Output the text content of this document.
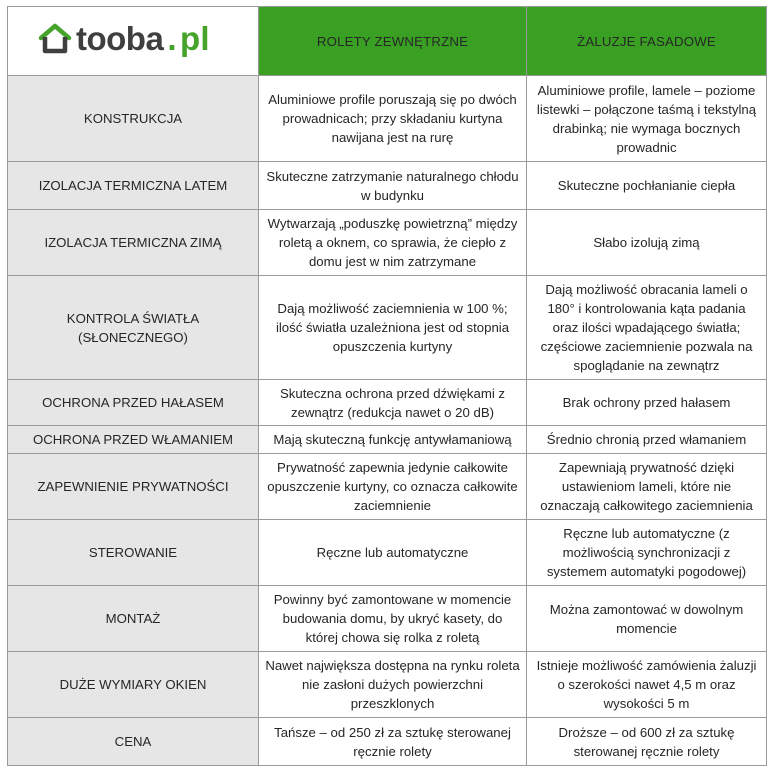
tooba . pl	ROLETY ZEWNĘTRZNE	ŻALUZJE FASADOWE
KONSTRUKCJA	Aluminiowe profile poruszają się po dwóch prowadnicach; przy składaniu kurtyna nawijana jest na rurę	Aluminiowe profile, lamele – poziome listewki – połączone taśmą i tekstylną drabinką; nie wymaga bocznych prowadnic
IZOLACJA TERMICZNA LATEM	Skuteczne zatrzymanie naturalnego chłodu w budynku	Skuteczne pochłanianie ciepła
IZOLACJA TERMICZNA ZIMĄ	Wytwarzają „poduszkę powietrzną” między roletą a oknem, co sprawia, że ciepło z domu jest w nim zatrzymane	Słabo izolują zimą
KONTROLA ŚWIATŁA (SŁONECZNEGO)	Dają możliwość zaciemnienia w 100 %; ilość światła uzależniona jest od stopnia opuszczenia kurtyny	Dają możliwość obracania lameli o 180° i kontrolowania kąta padania oraz ilości wpadającego światła; częściowe zaciemnienie pozwala na spoglądanie na zewnątrz
OCHRONA PRZED HAŁASEM	Skuteczna ochrona przed dźwiękami z zewnątrz (redukcja nawet o 20 dB)	Brak ochrony przed hałasem
OCHRONA PRZED WŁAMANIEM	Mają skuteczną funkcję antywłamaniową	Średnio chronią przed włamaniem
ZAPEWNIENIE PRYWATNOŚCI	Prywatność zapewnia jedynie całkowite opuszczenie kurtyny, co oznacza całkowite zaciemnienie	Zapewniają prywatność dzięki ustawieniom lameli, które nie oznaczają całkowitego zaciemnienia
STEROWANIE	Ręczne lub automatyczne	Ręczne lub automatyczne (z możliwością synchronizacji z systemem automatyki pogodowej)
MONTAŻ	Powinny być zamontowane w momencie budowania domu, by ukryć kasety, do której chowa się rolka z roletą	Można zamontować w dowolnym momencie
DUŻE WYMIARY OKIEN	Nawet największa dostępna na rynku roleta nie zasłoni dużych powierzchni przeszklonych	Istnieje możliwość zamówienia żaluzji o szerokości nawet 4,5 m oraz wysokości 5 m
CENA	Tańsze – od 250 zł za sztukę sterowanej ręcznie rolety	Droższe – od 600 zł za sztukę sterowanej ręcznie rolety
